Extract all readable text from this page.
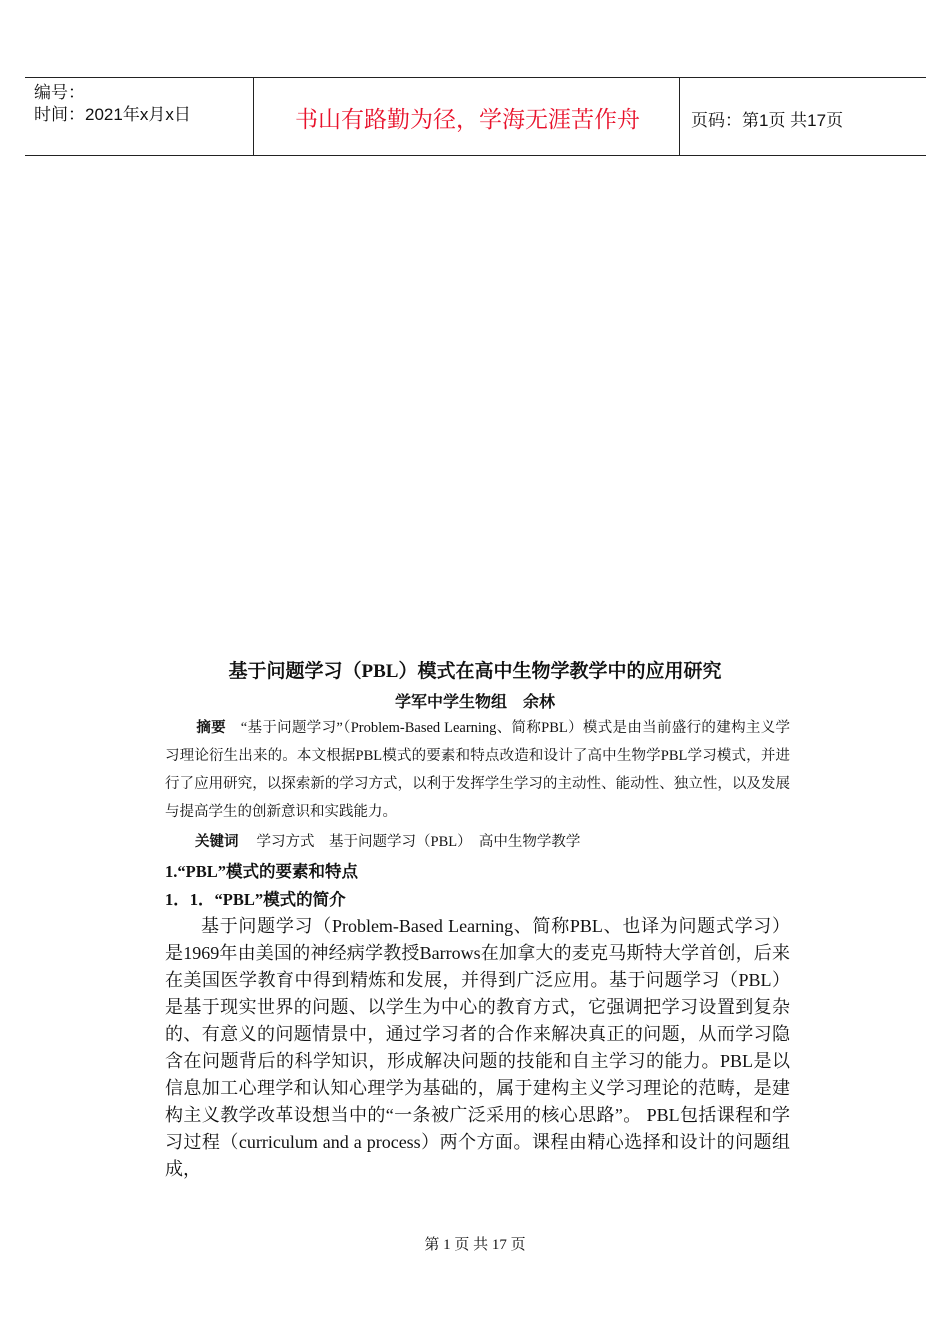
编号：
时间：2021年x月x日	书山有路勤为径，学海无涯苦作舟	页码：第1页 共17页
基于问题学习（PBL）模式在高中生物学教学中的应用研究
学军中学生物组　余林
摘要　 “基于问题学习”（Problem-Based Learning、简称PBL）模式是由当前盛行的建构主义学习理论衍生出来的。本文根据PBL模式的要素和特点改造和设计了高中生物学PBL学习模式，并进行了应用研究，以探索新的学习方式，以利于发挥学生学习的主动性、能动性、独立性，以及发展与提高学生的创新意识和实践能力。
关键词 学习方式　基于问题学习（PBL）　高中生物学教学
1.“PBL”模式的要素和特点
1．1．“PBL”模式的简介
基于问题学习（Problem-Based Learning、简称PBL、也译为问题式学习）是1969年由美国的神经病学教授Barrows在加拿大的麦克马斯特大学首创，后来在美国医学教育中得到精炼和发展，并得到广泛应用。基于问题学习（PBL）是基于现实世界的问题、以学生为中心的教育方式，它强调把学习设置到复杂的、有意义的问题情景中，通过学习者的合作来解决真正的问题，从而学习隐含在问题背后的科学知识，形成解决问题的技能和自主学习的能力。PBL是以信息加工心理学和认知心理学为基础的，属于建构主义学习理论的范畴，是建构主义教学改革设想当中的“一条被广泛采用的核心思路”。 PBL包括课程和学习过程（curriculum and a process）两个方面。课程由精心选择和设计的问题组成，
第 1 页 共 17 页
